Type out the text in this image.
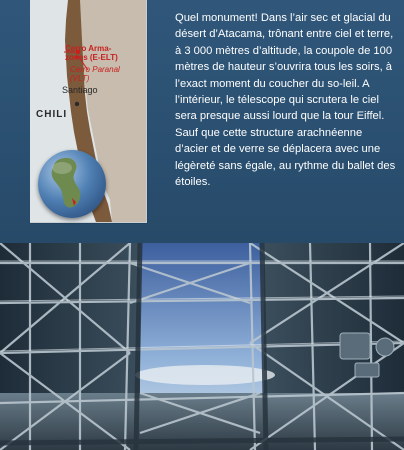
Cerro Arma-
zones (E-ELT)
Cerro Paranal
(VLT)
Santiago
CHILI

Quel monument! Dans l’air sec et glacial du désert d’Atacama, trônant entre ciel et terre, à 3 000 mètres d’altitude, la coupole de 100 mètres de hauteur s’ouvrira tous les soirs, à l’exact moment du coucher du so-leil. A l’intérieur, le télescope qui scrutera le ciel sera presque aussi lourd que la tour Eiffel. Sauf que cette structure arachnéenne d’acier et de verre se déplacera avec une légèreté sans égale, au rythme du ballet des étoiles.
